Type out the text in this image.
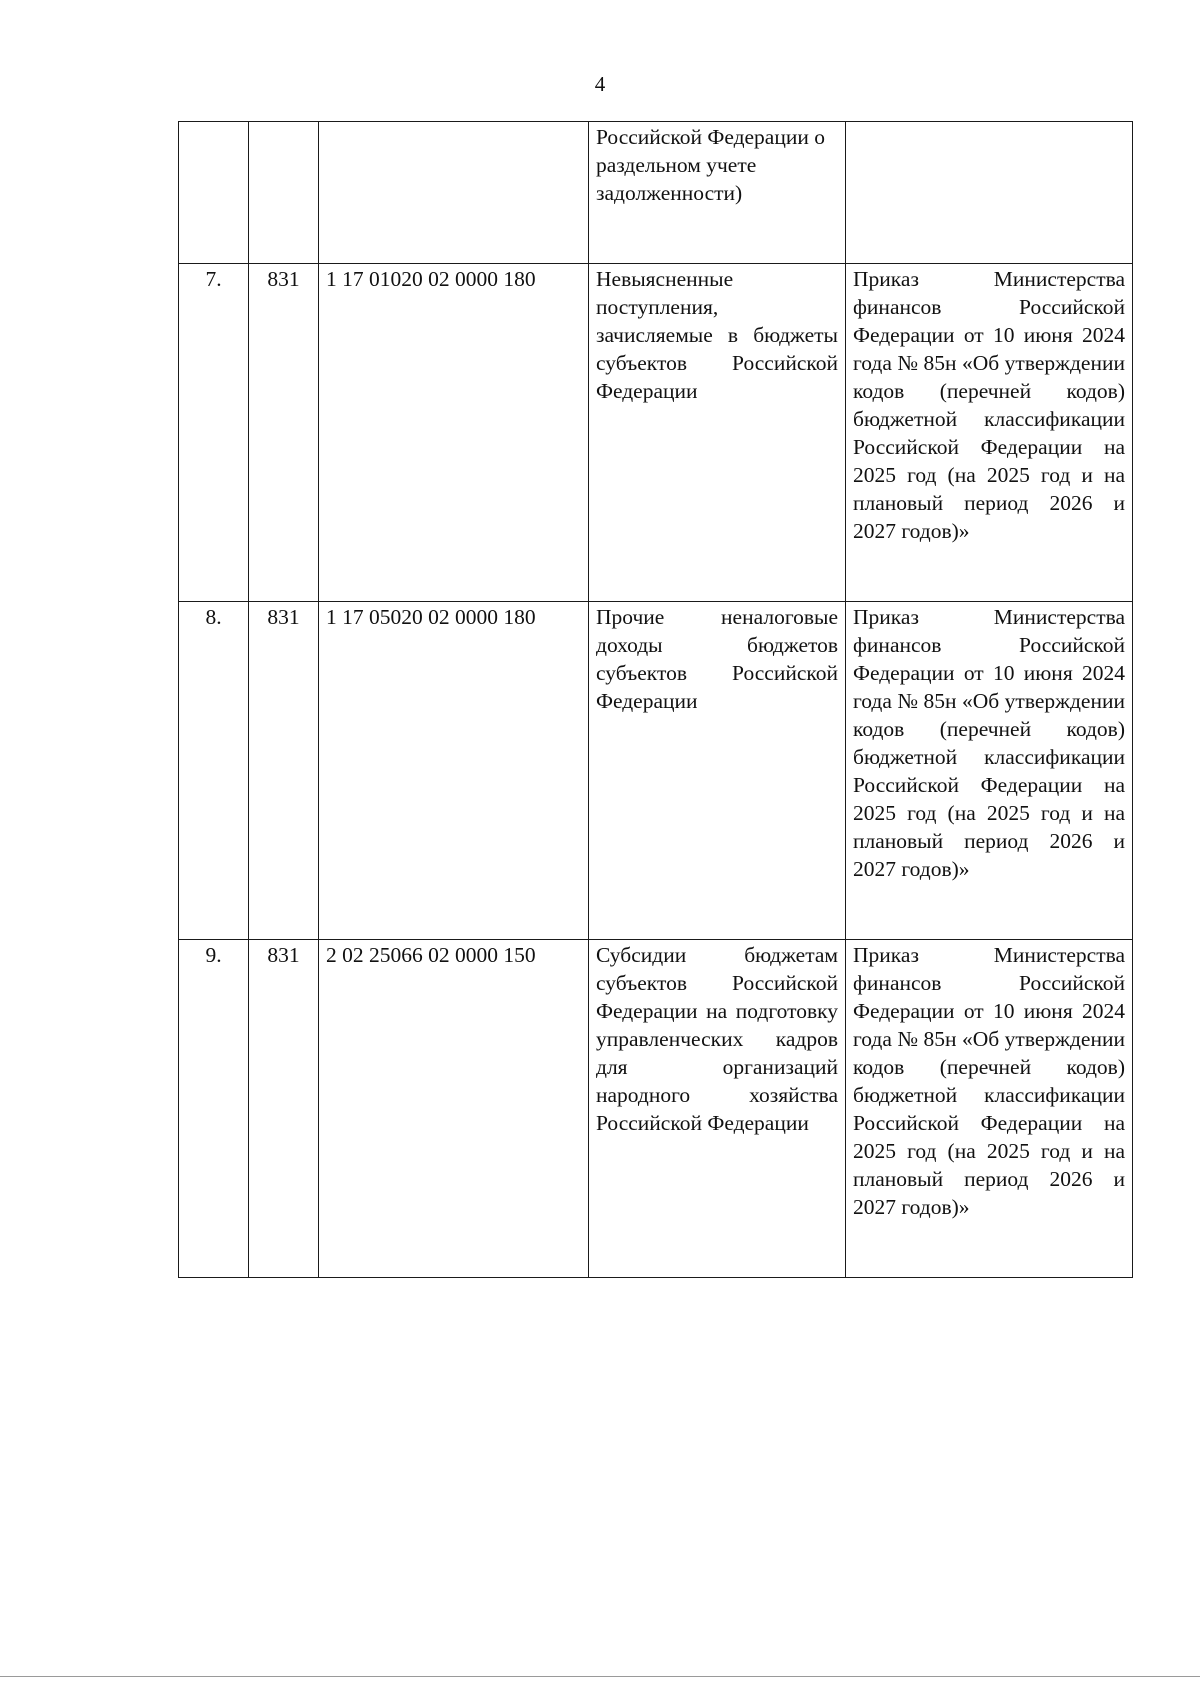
4
			Российской Федерации о раздельном учете задолженности)	
7.	831	1 17 01020 02 0000 180	Невыясненные поступления, зачисляемые в бюджеты субъектов Российской Федерации	Приказ Министерства финансов Российской Федерации от 10 июня 2024 года № 85н «Об утверждении кодов (перечней кодов) бюджетной классификации Российской Федерации на 2025 год (на 2025 год и на плановый период 2026 и 2027 годов)»
8.	831	1 17 05020 02 0000 180	Прочие неналоговые доходы бюджетов субъектов Российской Федерации	Приказ Министерства финансов Российской Федерации от 10 июня 2024 года № 85н «Об утверждении кодов (перечней кодов) бюджетной классификации Российской Федерации на 2025 год (на 2025 год и на плановый период 2026 и 2027 годов)»
9.	831	2 02 25066 02 0000 150	Субсидии бюджетам субъектов Российской Федерации на подготовку управленческих кадров для организаций народного хозяйства Российской Федерации	Приказ Министерства финансов Российской Федерации от 10 июня 2024 года № 85н «Об утверждении кодов (перечней кодов) бюджетной классификации Российской Федерации на 2025 год (на 2025 год и на плановый период 2026 и 2027 годов)»
